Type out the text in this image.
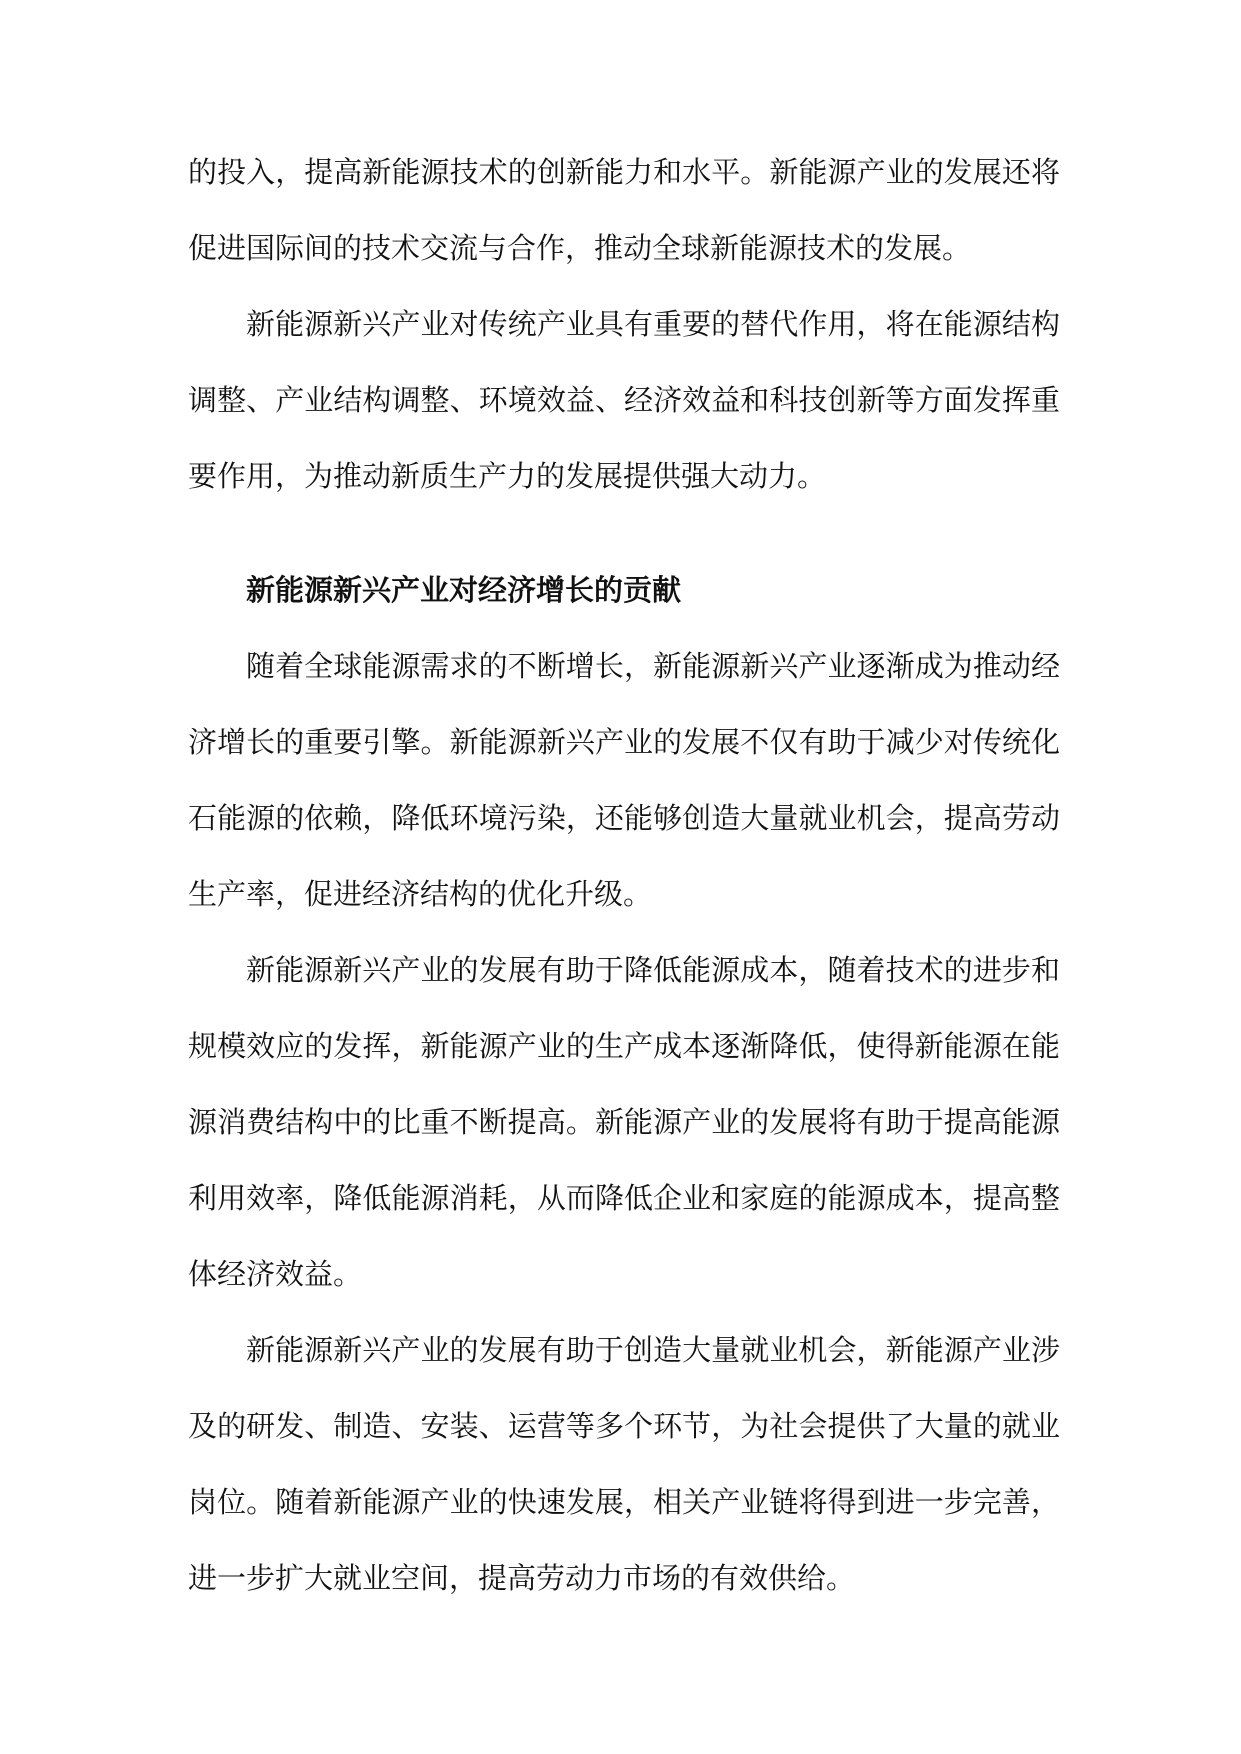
的投入，提高新能源技术的创新能力和水平。新能源产业的发展还将促进国际间的技术交流与合作，推动全球新能源技术的发展。

新能源新兴产业对传统产业具有重要的替代作用，将在能源结构调整、产业结构调整、环境效益、经济效益和科技创新等方面发挥重要作用，为推动新质生产力的发展提供强大动力。

新能源新兴产业对经济增长的贡献

随着全球能源需求的不断增长，新能源新兴产业逐渐成为推动经济增长的重要引擎。新能源新兴产业的发展不仅有助于减少对传统化石能源的依赖，降低环境污染，还能够创造大量就业机会，提高劳动生产率，促进经济结构的优化升级。

新能源新兴产业的发展有助于降低能源成本，随着技术的进步和规模效应的发挥，新能源产业的生产成本逐渐降低，使得新能源在能源消费结构中的比重不断提高。新能源产业的发展将有助于提高能源利用效率，降低能源消耗，从而降低企业和家庭的能源成本，提高整体经济效益。

新能源新兴产业的发展有助于创造大量就业机会，新能源产业涉及的研发、制造、安装、运营等多个环节，为社会提供了大量的就业岗位。随着新能源产业的快速发展，相关产业链将得到进一步完善，进一步扩大就业空间，提高劳动力市场的有效供给。
